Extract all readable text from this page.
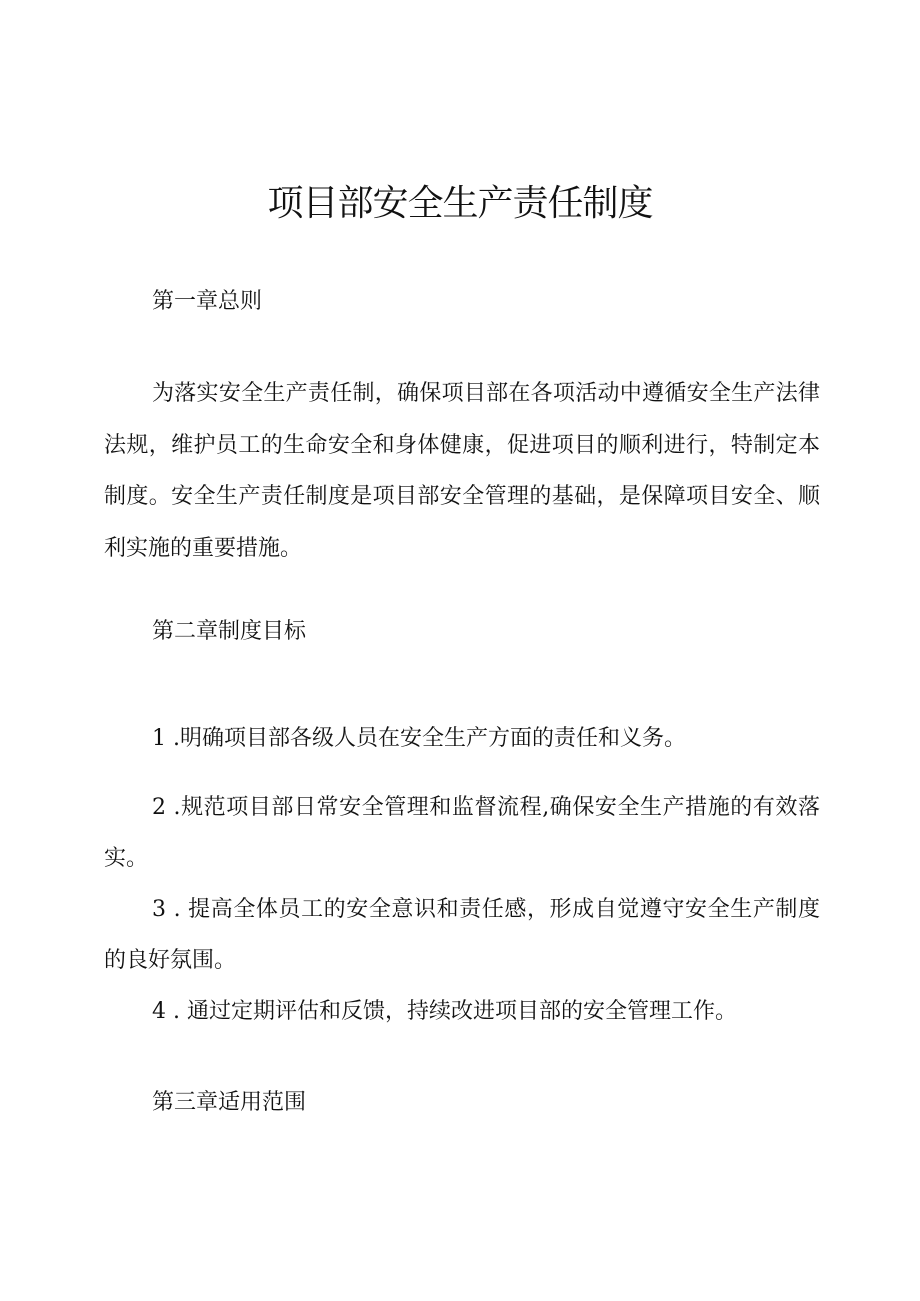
项目部安全生产责任制度
第一章总则

为落实安全生产责任制，确保项目部在各项活动中遵循安全生产法律法规，维护员工的生命安全和身体健康，促进项目的顺利进行，特制定本制度。安全生产责任制度是项目部安全管理的基础，是保障项目安全、顺利实施的重要措施。

第二章制度目标

1 .明确项目部各级人员在安全生产方面的责任和义务。

2 .规范项目部日常安全管理和监督流程,确保安全生产措施的有效落实。

3 . 提高全体员工的安全意识和责任感，形成自觉遵守安全生产制度的良好氛围。

4 . 通过定期评估和反馈，持续改进项目部的安全管理工作。

第三章适用范围
